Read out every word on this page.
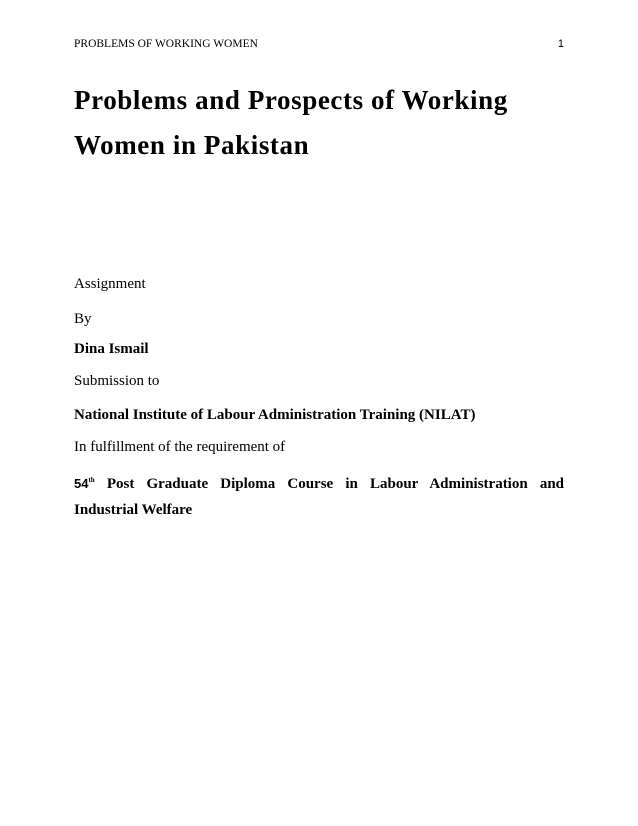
PROBLEMS OF WORKING WOMEN	1
Problems and Prospects of Working
Women in Pakistan
Assignment
By
Dina Ismail
Submission to
National Institute of Labour Administration Training (NILAT)
In fulfillment of the requirement of

54th Post Graduate Diploma Course in Labour Administration and
Industrial Welfare
